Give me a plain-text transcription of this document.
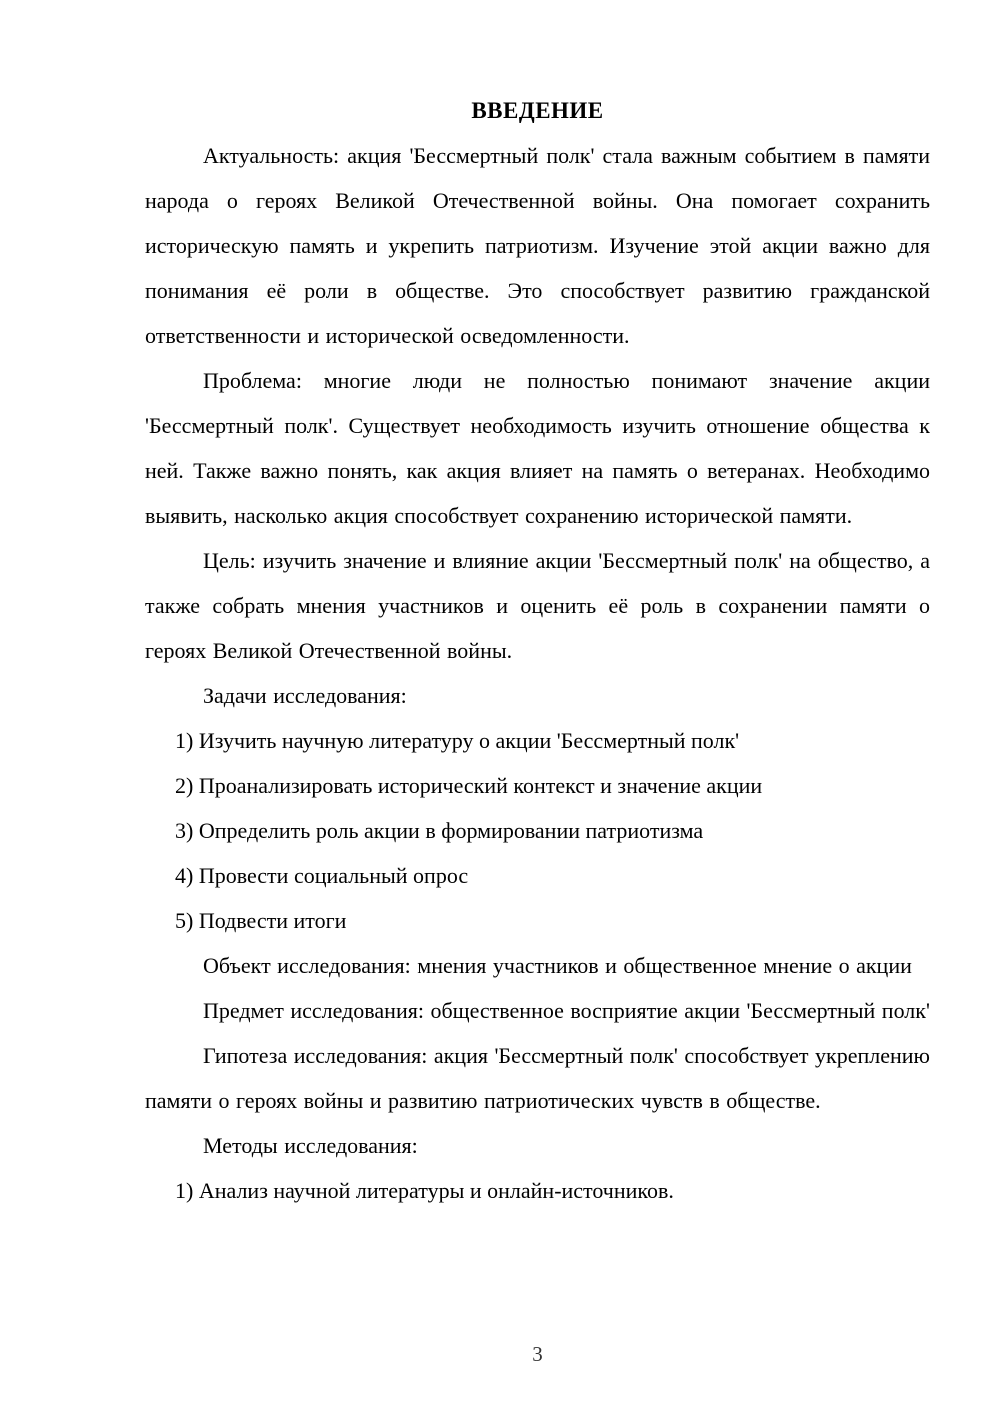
ВВЕДЕНИЕ

Актуальность: акция 'Бессмертный полк' стала важным событием в памяти народа о героях Великой Отечественной войны. Она помогает сохранить историческую память и укрепить патриотизм. Изучение этой акции важно для понимания её роли в обществе. Это способствует развитию гражданской ответственности и исторической осведомленности.

Проблема: многие люди не полностью понимают значение акции 'Бессмертный полк'. Существует необходимость изучить отношение общества к ней. Также важно понять, как акция влияет на память о ветеранах. Необходимо выявить, насколько акция способствует сохранению исторической памяти.

Цель: изучить значение и влияние акции 'Бессмертный полк' на общество, а также собрать мнения участников и оценить её роль в сохранении памяти о героях Великой Отечественной войны.

Задачи исследования:

1) Изучить научную литературу о акции 'Бессмертный полк'

2) Проанализировать исторический контекст и значение акции

3) Определить роль акции в формировании патриотизма

4) Провести социальный опрос

5) Подвести итоги

Объект исследования: мнения участников и общественное мнение о акции

Предмет исследования: общественное восприятие акции 'Бессмертный полк'

Гипотеза исследования: акция 'Бессмертный полк' способствует укреплению памяти о героях войны и развитию патриотических чувств в обществе.

Методы исследования:

1) Анализ научной литературы и онлайн-источников.

3
